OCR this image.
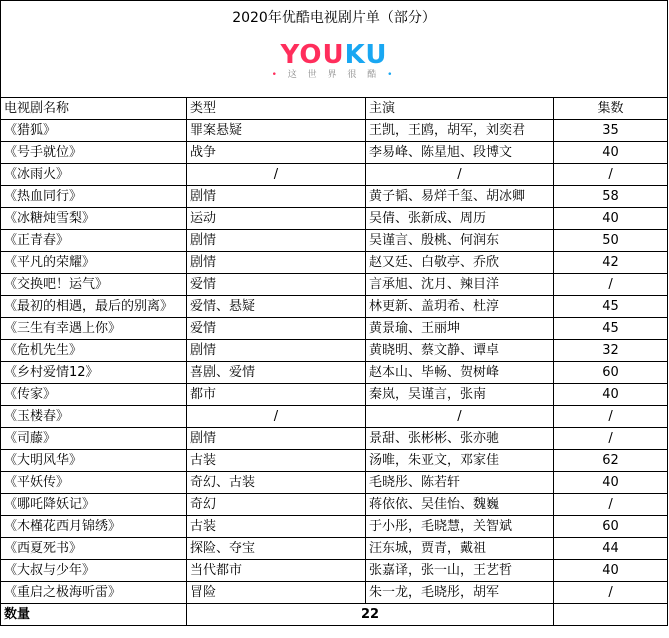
2020年优酷电视剧片单（部分）
YOUKU
• 这 世 界 很 酷 •			

电视剧名称	类型	主演	集数
《猎狐》	罪案悬疑	王凯，王鸥，胡军，刘奕君	35
《号手就位》	战争	李易峰、陈星旭、段博文	40
《冰雨火》	/	/	/
《热血同行》	剧情	黄子韬、易烊千玺、胡冰卿	58
《冰糖炖雪梨》	运动	吴倩、张新成、周历	40
《正青春》	剧情	吴谨言、殷桃、何润东	50
《平凡的荣耀》	剧情	赵又廷、白敬亭、乔欣	42
《交换吧！运气》	爱情	言承旭、沈月、辣目洋	/
《最初的相遇，最后的别离》	爱情、悬疑	林更新、盖玥希、杜淳	45
《三生有幸遇上你》	爱情	黄景瑜、王丽坤	45
《危机先生》	剧情	黄晓明、蔡文静、谭卓	32
《乡村爱情12》	喜剧、爱情	赵本山、毕畅、贺树峰	60
《传家》	都市	秦岚，吴谨言，张南	40
《玉楼春》	/	/	/
《司藤》	剧情	景甜、张彬彬、张亦驰	/
《大明风华》	古装	汤唯，朱亚文，邓家佳	62
《平妖传》	奇幻、古装	毛晓彤、陈若轩	40
《哪吒降妖记》	奇幻	蒋依依、吴佳怡、魏巍	/
《木槿花西月锦绣》	古装	于小彤，毛晓慧，关智斌	60
《西夏死书》	探险、夺宝	汪东城，贾青，戴祖	44
《大叔与少年》	当代都市	张嘉译，张一山，王艺哲	40
《重启之极海听雷》	冒险	朱一龙，毛晓彤，胡军	/
数量	22		
